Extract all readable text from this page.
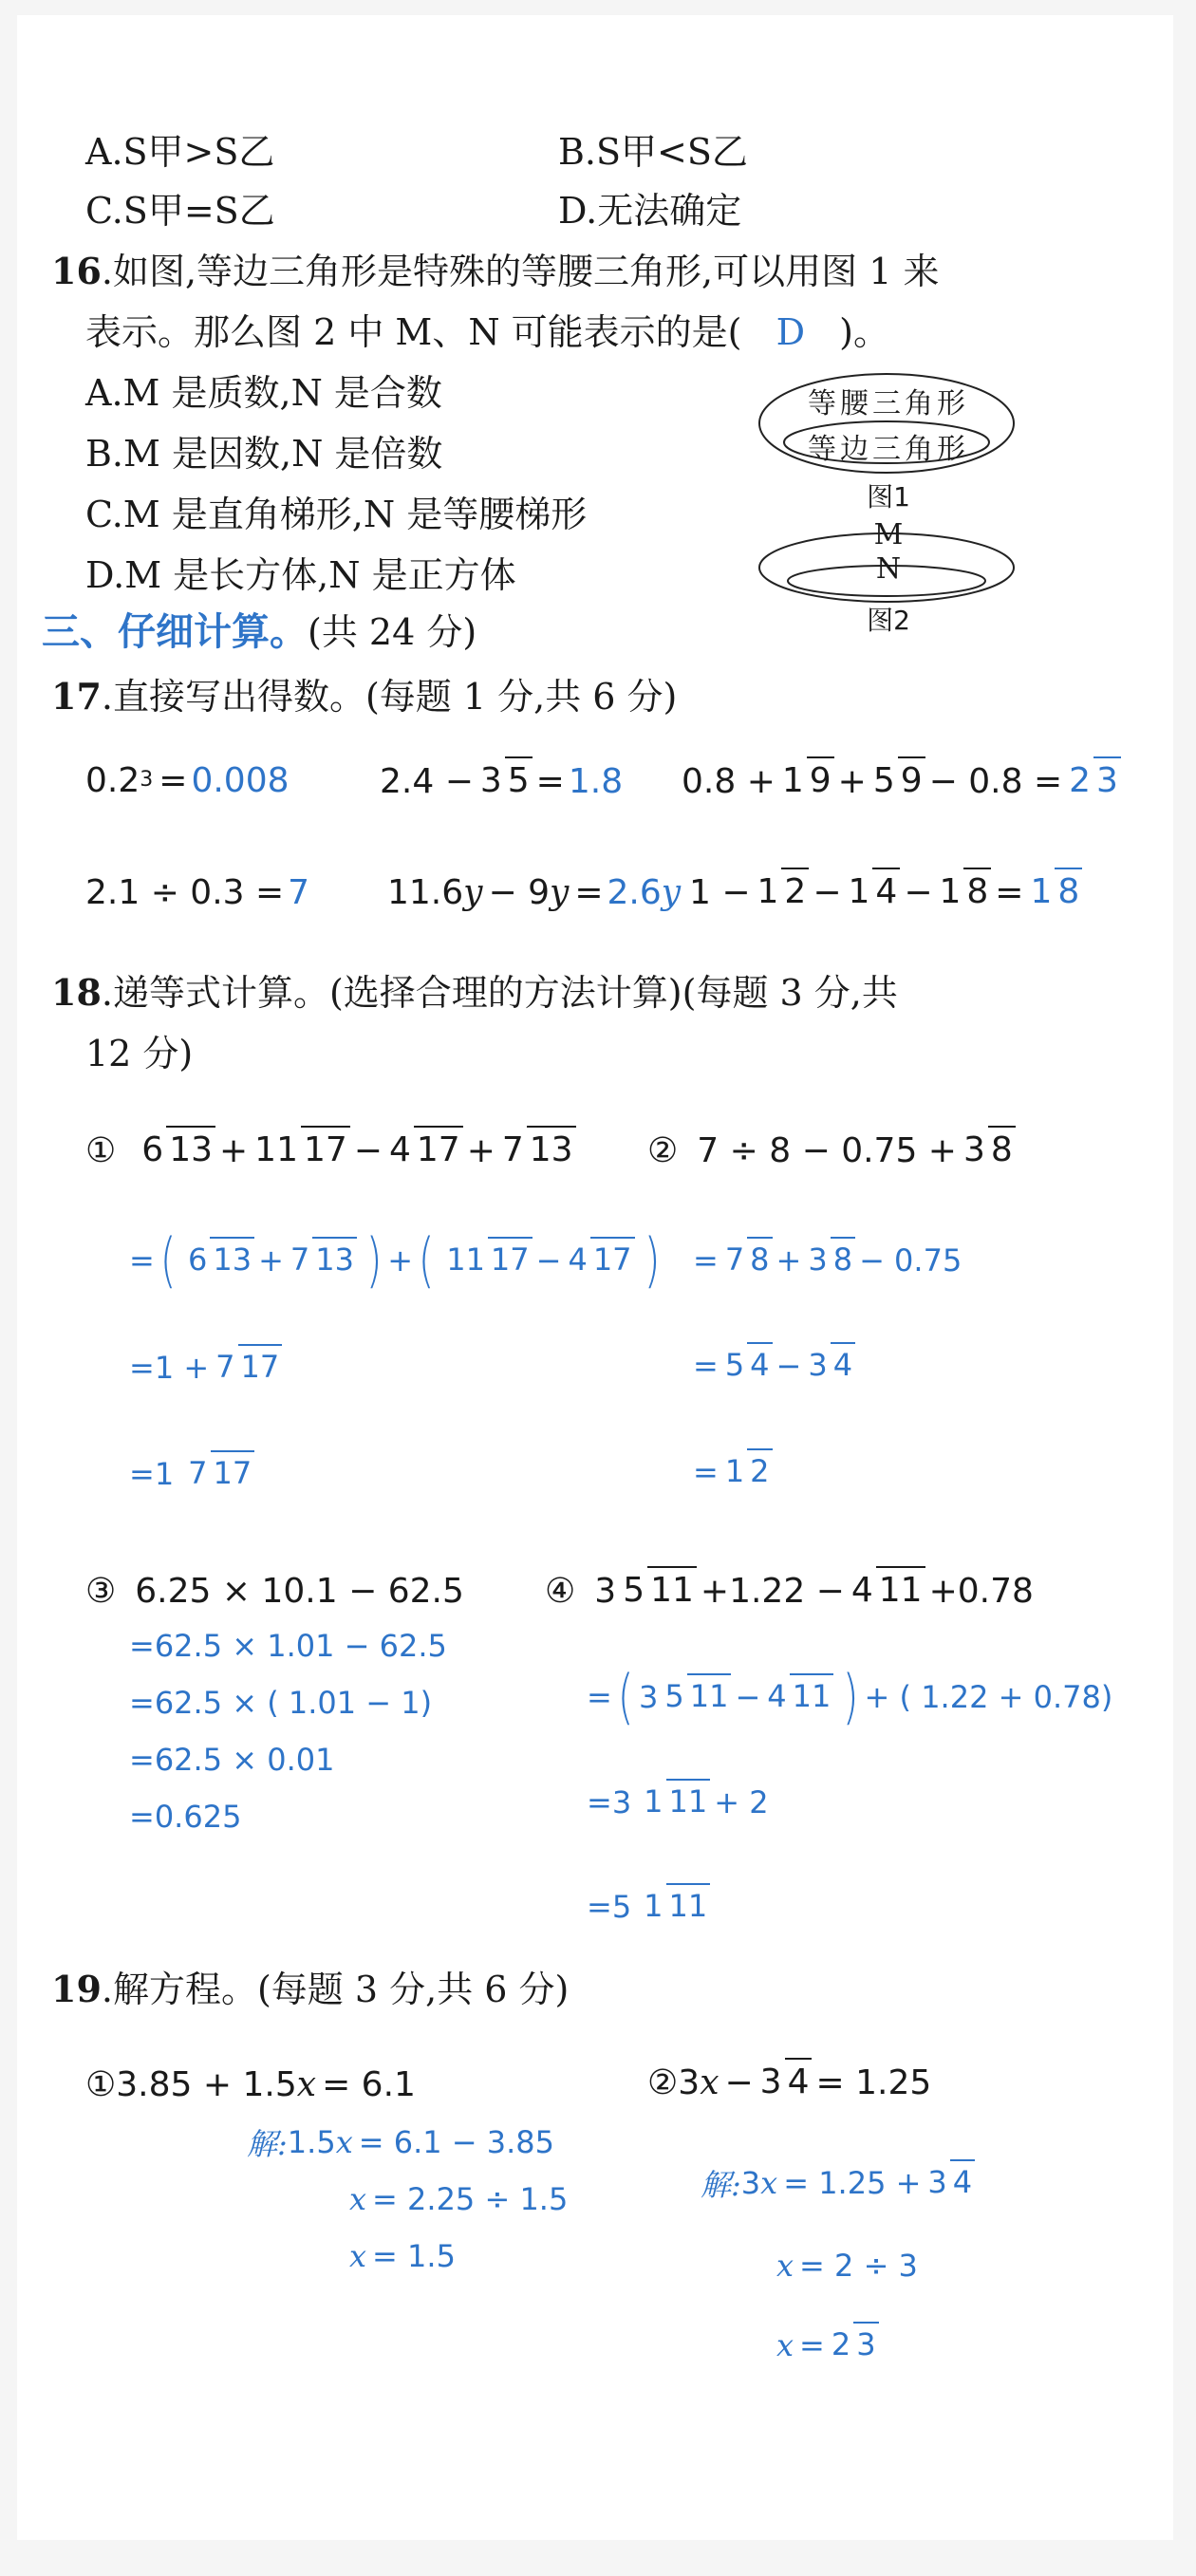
A.S甲>S乙	B.S甲<S乙
C.S甲=S乙	D.无法确定
16.如图,等边三角形是特殊的等腰三角形,可以用图 1 来
表示。那么图 2 中 M、N 可能表示的是( D )。
A.M 是质数,N 是合数
B.M 是因数,N 是倍数
C.M 是直角梯形,N 是等腰梯形
D.M 是长方体,N 是正方体
等腰三角形
等边三角形
图1
M
N
图2
三、仔细计算。(共 24 分)
17.直接写出得数。(每题 1 分,共 6 分)
0.2 3 = 0.008	2.4 − 3 5 = 1.8 0.8 + 1 9 + 5 9 − 0.8 = 2 3
2.1 ÷ 0.3 = 7 11.6 y − 9 y = 2.6 y 1 − 1 2 − 1 4 − 1 8 = 1 8
18.递等式计算。(选择合理的方法计算)(每题 3 分,共
12 分)
① 6 13 + 11 17 − 4 17 + 7 13
= ( 6 13 + 7 13 ) + ( 11 17 − 4 17 )
=1 + 7 17
=1 7 17
② 7 ÷ 8 − 0.75 + 3 8
= 7 8 + 3 8 − 0.75
= 5 4 − 3 4
= 1 2
③ 6.25 × 10.1 − 62.5
=62.5 × 1.01 − 62.5
=62.5 × ( 1.01 − 1)
=62.5 × 0.01
=0.625
④ 3 5 11 +1.22 − 4 11 +0.78
= ( 3 5 11 − 4 11 ) + ( 1.22 + 0.78)
=3 1 11 + 2
= 5 1 11
19.解方程。(每题 3 分,共 6 分)
① 3.85 + 1.5 x = 6.1
解: 1.5 x = 6.1 − 3.85
x = 2.25 ÷ 1.5
x = 1.5
② 3 x − 3 4 = 1.25
解: 3 x = 1.25 + 3 4
x = 2 ÷ 3
x = 2 3
